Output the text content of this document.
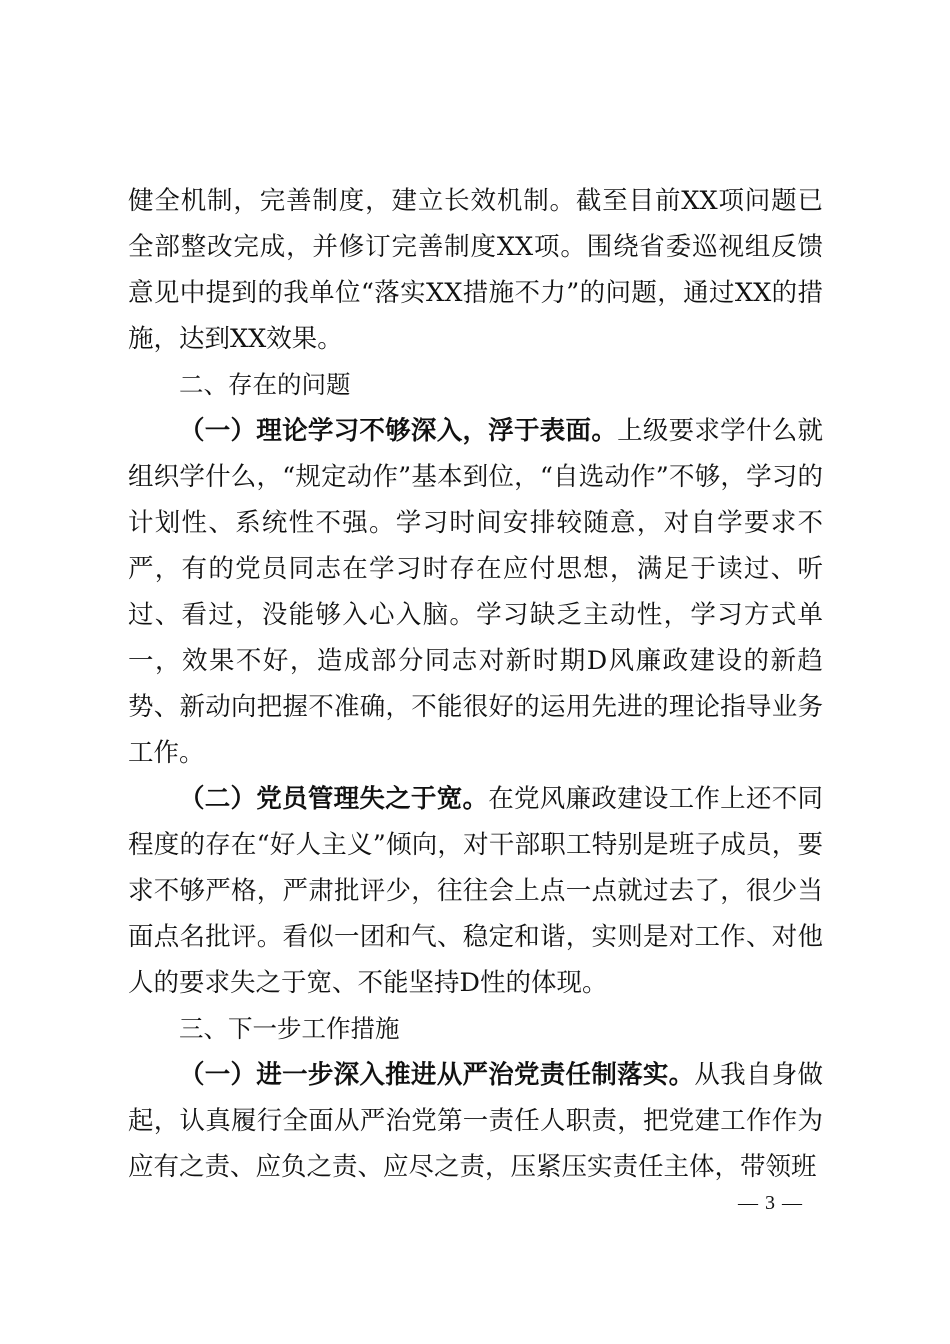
健全机制，完善制度，建立长效机制。截至目前XX项问题已全部整改完成，并修订完善制度XX项。围绕省委巡视组反馈意见中提到的我单位“落实XX措施不力”的问题，通过XX的措施，达到XX效果。

二、存在的问题

（一）理论学习不够深入，浮于表面。上级要求学什么就组织学什么，“规定动作”基本到位，“自选动作”不够，学习的计划性、系统性不强。学习时间安排较随意，对自学要求不严，有的党员同志在学习时存在应付思想，满足于读过、听过、看过，没能够入心入脑。学习缺乏主动性，学习方式单一，效果不好，造成部分同志对新时期D风廉政建设的新趋势、新动向把握不准确，不能很好的运用先进的理论指导业务工作。

（二）党员管理失之于宽。在党风廉政建设工作上还不同程度的存在“好人主义”倾向，对干部职工特别是班子成员，要求不够严格，严肃批评少，往往会上点一点就过去了，很少当面点名批评。看似一团和气、稳定和谐，实则是对工作、对他人的要求失之于宽、不能坚持D性的体现。

三、下一步工作措施

（一）进一步深入推进从严治党责任制落实。从我自身做起，认真履行全面从严治党第一责任人职责，把党建工作作为应有之责、应负之责、应尽之责，压紧压实责任主体，带领班

— 3 —
